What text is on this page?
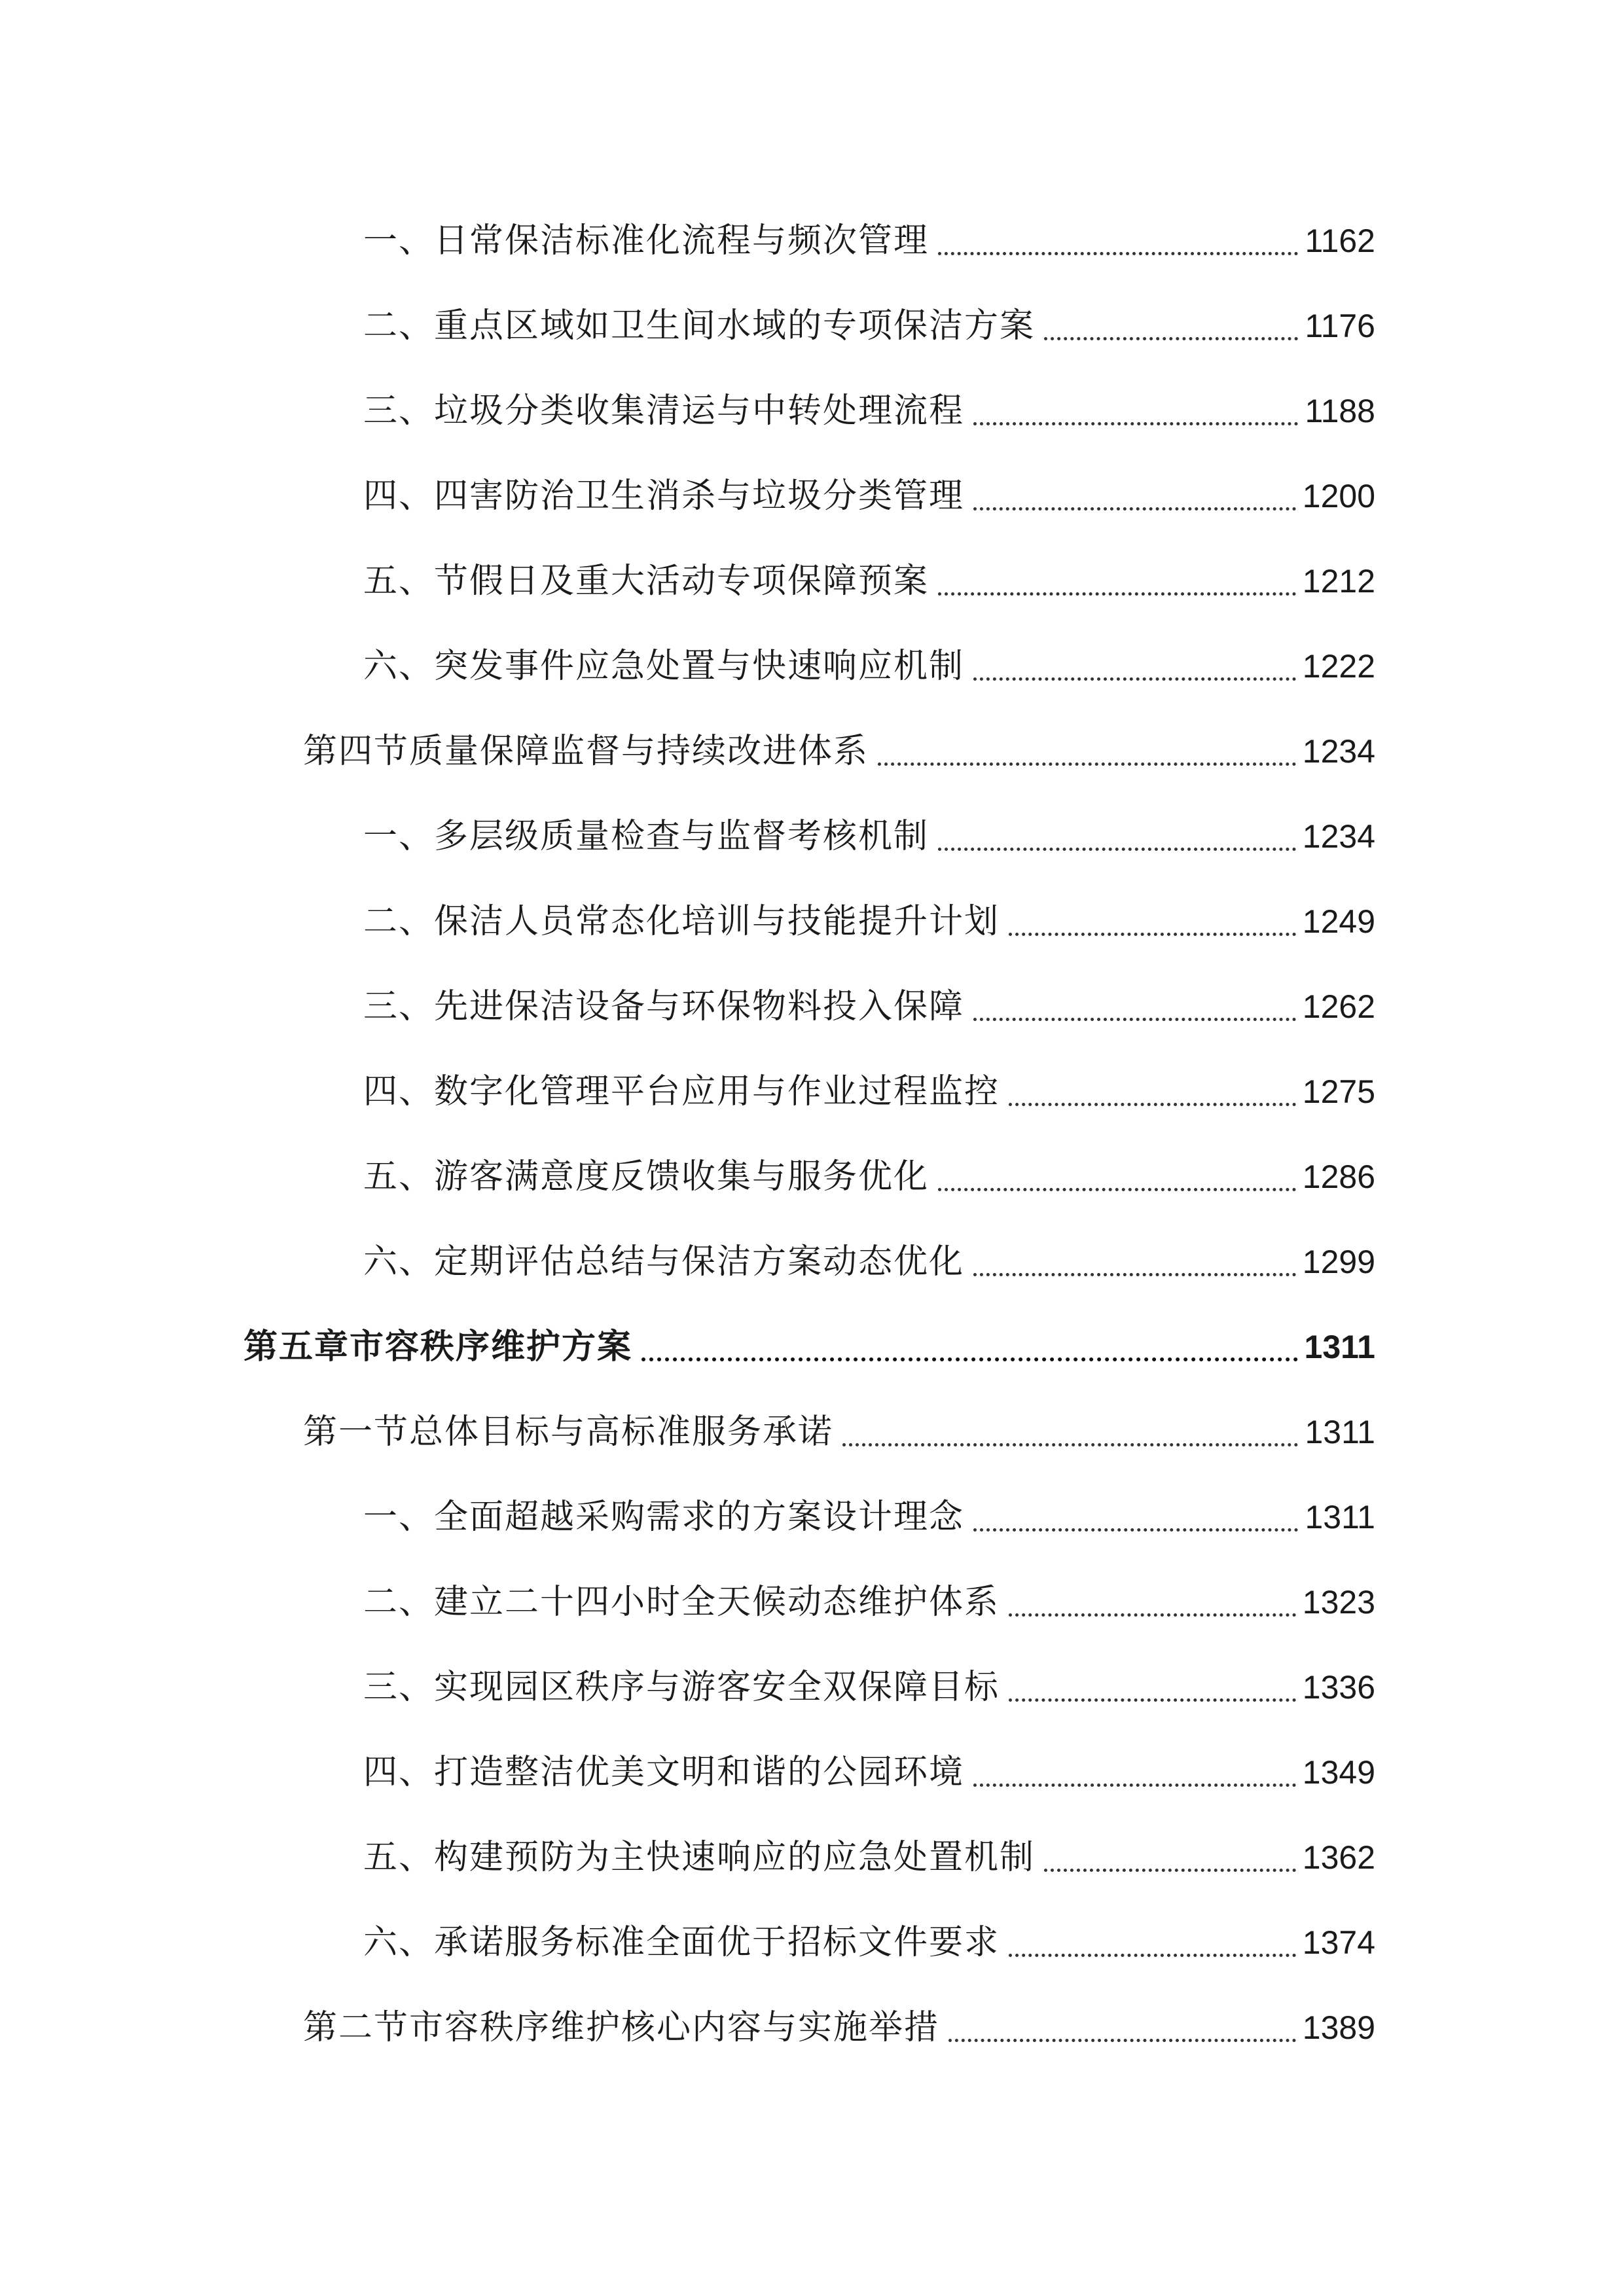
一、日常保洁标准化流程与频次管理	1162
二、重点区域如卫生间水域的专项保洁方案	1176
三、垃圾分类收集清运与中转处理流程	1188
四、四害防治卫生消杀与垃圾分类管理	1200
五、节假日及重大活动专项保障预案	1212
六、突发事件应急处置与快速响应机制	1222
第四节质量保障监督与持续改进体系	1234
一、多层级质量检查与监督考核机制	1234
二、保洁人员常态化培训与技能提升计划	1249
三、先进保洁设备与环保物料投入保障	1262
四、数字化管理平台应用与作业过程监控	1275
五、游客满意度反馈收集与服务优化	1286
六、定期评估总结与保洁方案动态优化	1299
第五章市容秩序维护方案	1311
第一节总体目标与高标准服务承诺	1311
一、全面超越采购需求的方案设计理念	1311
二、建立二十四小时全天候动态维护体系	1323
三、实现园区秩序与游客安全双保障目标	1336
四、打造整洁优美文明和谐的公园环境	1349
五、构建预防为主快速响应的应急处置机制	1362
六、承诺服务标准全面优于招标文件要求	1374
第二节市容秩序维护核心内容与实施举措	1389
